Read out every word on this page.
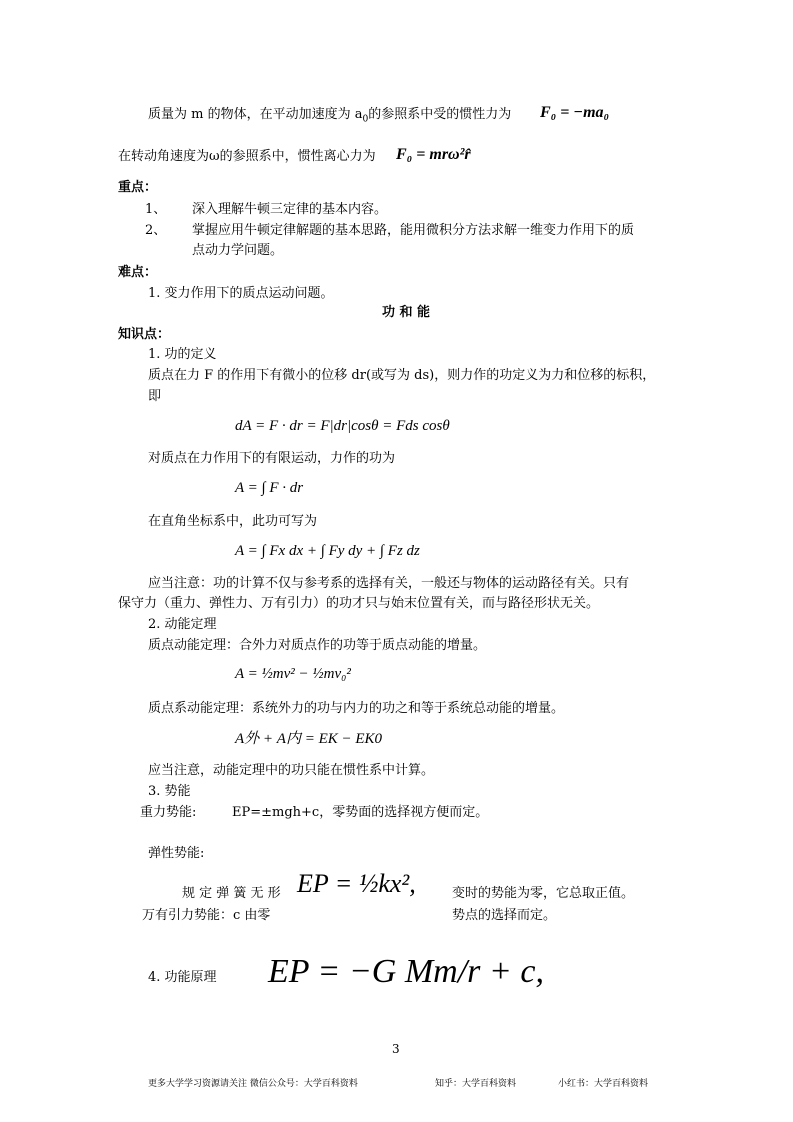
质量为 m 的物体，在平动加速度为 $a_0$的参照系中受的惯性力为 F₀ = −ma₀
在转动角速度为ω的参照系中，惯性离心力为 F₀ = mrω²r̂
重点：
1、 深入理解牛顿三定律的基本内容。
2、 掌握应用牛顿定律解题的基本思路，能用微积分方法求解一维变力作用下的质
点动力学问题。
难点：
1. 变力作用下的质点运动问题。
功 和 能
知识点：
1. 功的定义
质点在力 F 的作用下有微小的位移 dr(或写为 ds)，则力作的功定义为力和位移的标积，
即
dA = F · dr = F|dr|cosθ = Fds cosθ
对质点在力作用下的有限运动，力作的功为
A = ∫ F · dr
在直角坐标系中，此功可写为
A = ∫ Fx dx + ∫ Fy dy + ∫ Fz dz
应当注意：功的计算不仅与参考系的选择有关，一般还与物体的运动路径有关。只有
保守力（重力、弹性力、万有引力）的功才只与始末位置有关，而与路径形状无关。
2. 动能定理
质点动能定理：合外力对质点作的功等于质点动能的增量。
A = ½mv² − ½mv₀²
质点系动能定理：系统外力的功与内力的功之和等于系统总动能的增量。
A外 + A内 = EK − EK0
应当注意，动能定理中的功只能在惯性系中计算。
3. 势能
重力势能:	EP=±mgh+c，零势面的选择视方便而定。
弹性势能:
规 定 弹 簧 无 形 EP = ½kx²,	变时的势能为零，它总取正值。
万有引力势能：c 由零	势点的选择而定。
4. 功能原理 EP = −G Mm/r + c,
3
更多大学学习资源请关注 微信公众号：大学百科资料	知乎：大学百科资料	小红书：大学百科资料
